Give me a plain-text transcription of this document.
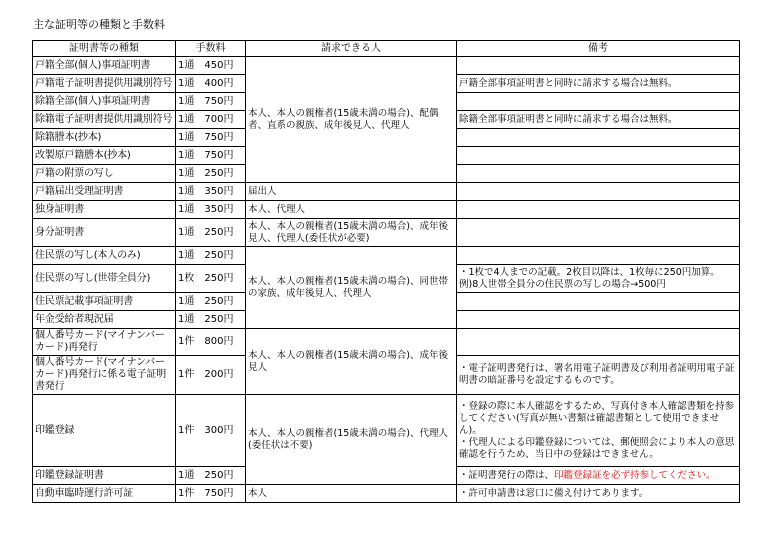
主な証明等の種類と手数料
証明書等の種類	手数料	請求できる人	備考
戸籍全部(個人)事項証明書	1通　450円	本人、本人の親権者(15歳未満の場合)、配偶者、直系の親族、成年後見人、代理人	
戸籍電子証明書提供用識別符号	1通　400円		戸籍全部事項証明書と同時に請求する場合は無料。
除籍全部(個人)事項証明書	1通　750円		
除籍電子証明書提供用識別符号	1通　700円		除籍全部事項証明書と同時に請求する場合は無料。
除籍謄本(抄本)	1通　750円		
改製原戸籍謄本(抄本)	1通　750円		
戸籍の附票の写し	1通　250円		
戸籍届出受理証明書	1通　350円	届出人	
独身証明書	1通　350円	本人、代理人	
身分証明書	1通　250円	本人、本人の親権者(15歳未満の場合)、成年後見人、代理人(委任状が必要)	
住民票の写し(本人のみ)	1通　250円	本人、本人の親権者(15歳未満の場合)、同世帯の家族、成年後見人、代理人	
住民票の写し(世帯全員分)	1枚　250円		・1枚で4人までの記載。2枚目以降は、1枚毎に250円加算。例)8人世帯全員分の住民票の写しの場合→500円
住民票記載事項証明書	1通　250円		
年金受給者現況届	1通　250円		
個人番号カード(マイナンバーカード)再発行	1件　800円	本人、本人の親権者(15歳未満の場合)、成年後見人	
個人番号カード(マイナンバーカード)再発行に係る電子証明書発行	1件　200円		・電子証明書発行は、署名用電子証明書及び利用者証明用電子証明書の暗証番号を設定するものです。
印鑑登録	1件　300円	本人、本人の親権者(15歳未満の場合)、代理人(委任状は不要)	・登録の際に本人確認をするため、写真付き本人確認書類を持参してください(写真が無い書類は確認書類として使用できません)。
・代理人による印鑑登録については、郵便照会により本人の意思確認を行うため、当日中の登録はできません。

印鑑登録証明書	1通　250円		・証明書発行の際は、印鑑登録証を必ず持参してください。
自動車臨時運行許可証	1件　750円	本人	・許可申請書は窓口に備え付けてあります。
